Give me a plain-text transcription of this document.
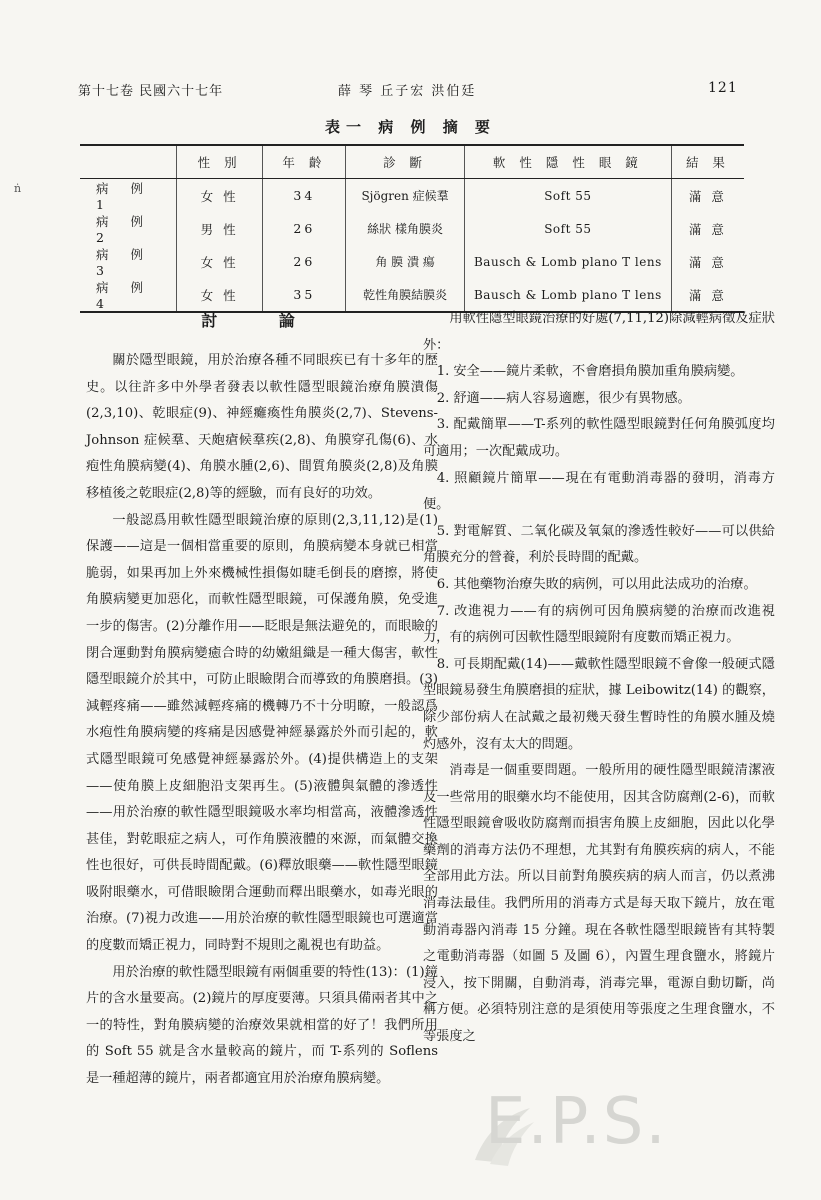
第十七卷 民國六十七年	薛 琴 丘子宏 洪伯廷	121
ṅ
表一 病 例 摘 要
	性 別	年 齡	診 斷	軟 性 隱 性 眼 鏡	結 果
病 例 1	女 性	34	Sjögren 症候羣	Soft 55	滿 意
病 例 2	男 性	26	絲狀 樣角膜炎	Soft 55	滿 意
病 例 3	女 性	26	角 膜 潰 瘍	Bausch & Lomb plano T lens	滿 意
病 例 4	女 性	35	乾性角膜結膜炎	Bausch & Lomb plano T lens	滿 意
討 論

關於隱型眼鏡，用於治療各種不同眼疾已有十多年的歷史。以往許多中外學者發表以軟性隱型眼鏡治療角膜潰傷(2,3,10)、乾眼症(9)、神經癱瘓性角膜炎(2,7)、Stevens-Johnson 症候羣、天皰瘡候羣疾(2,8)、角膜穿孔傷(6)、水疱性角膜病變(4)、角膜水腫(2,6)、間質角膜炎(2,8)及角膜移植後之乾眼症(2,8)等的經驗，而有良好的功效。

一般認爲用軟性隱型眼鏡治療的原則(2,3,11,12)是(1)保護——這是一個相當重要的原則，角膜病變本身就已相當脆弱，如果再加上外來機械性損傷如睫毛倒長的磨擦，將使角膜病變更加惡化，而軟性隱型眼鏡，可保護角膜，免受進一步的傷害。(2)分離作用——眨眼是無法避免的，而眼瞼的閉合運動對角膜病變癒合時的幼嫩組織是一種大傷害，軟性隱型眼鏡介於其中，可防止眼瞼閉合而導致的角膜磨損。(3)減輕疼痛——雖然減輕疼痛的機轉乃不十分明瞭，一般認爲水疱性角膜病變的疼痛是因感覺神經暴露於外而引起的，軟式隱型眼鏡可免感覺神經暴露於外。(4)提供構造上的支架——使角膜上皮細胞沿支架再生。(5)液體與氣體的滲透性——用於治療的軟性隱型眼鏡吸水率均相當高，液體滲透性甚佳，對乾眼症之病人，可作角膜液體的來源，而氣體交換性也很好，可供長時間配戴。(6)釋放眼藥——軟性隱型眼鏡吸附眼藥水，可借眼瞼閉合運動而釋出眼藥水，如毒光眼的治療。(7)視力改進——用於治療的軟性隱型眼鏡也可選適當的度數而矯正視力，同時對不規則之亂視也有助益。

用於治療的軟性隱型眼鏡有兩個重要的特性(13)：(1)鏡片的含水量要高。(2)鏡片的厚度要薄。只須具備兩者其中之一的特性，對角膜病變的治療效果就相當的好了！我們所用的 Soft 55 就是含水量較高的鏡片，而 T-系列的 Soflens 是一種超薄的鏡片，兩者都適宜用於治療角膜病變。

用軟性隱型眼鏡治療的好處(7,11,12)除減輕病徵及症狀外：

1. 安全——鏡片柔軟，不會磨損角膜加重角膜病變。

2. 舒適——病人容易適應，很少有異物感。

3. 配戴簡單——T-系列的軟性隱型眼鏡對任何角膜弧度均可適用；一次配戴成功。

4. 照顧鏡片簡單——現在有電動消毒器的發明，消毒方便。

5. 對電解質、二氧化碳及氧氣的滲透性較好——可以供給角膜充分的營養，利於長時間的配戴。

6. 其他藥物治療失敗的病例，可以用此法成功的治療。

7. 改進視力——有的病例可因角膜病變的治療而改進視力，有的病例可因軟性隱型眼鏡附有度數而矯正視力。

8. 可長期配戴(14)——戴軟性隱型眼鏡不會像一般硬式隱型眼鏡易發生角膜磨損的症狀，據 Leibowitz(14) 的觀察，除少部份病人在試戴之最初幾天發生暫時性的角膜水腫及燒灼感外，沒有太大的問題。

消毒是一個重要問題。一般所用的硬性隱型眼鏡清潔液及一些常用的眼藥水均不能使用，因其含防腐劑(2-6)，而軟性隱型眼鏡會吸收防腐劑而損害角膜上皮細胞，因此以化學藥劑的消毒方法仍不理想，尤其對有角膜疾病的病人，不能全部用此方法。所以目前對角膜疾病的病人而言，仍以煮沸消毒法最佳。我們所用的消毒方式是每天取下鏡片，放在電動消毒器內消毒 15 分鐘。現在各軟性隱型眼鏡皆有其特製之電動消毒器（如圖 5 及圖 6），內置生理食鹽水，將鏡片浸入，按下開關，自動消毒，消毒完畢，電源自動切斷，尚稱方便。必須特別注意的是須使用等張度之生理食鹽水，不等張度之

E.P.S.
